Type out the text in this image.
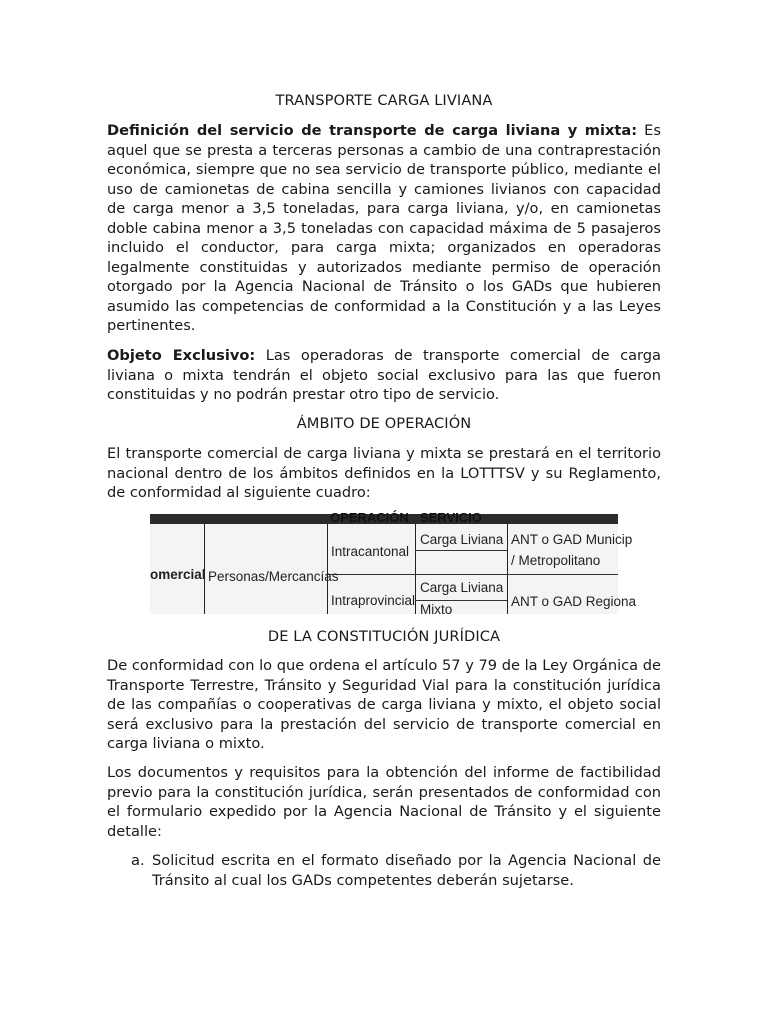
TRANSPORTE CARGA LIVIANA

Definición del servicio de transporte de carga liviana y mixta: Es aquel que se presta a terceras personas a cambio de una contraprestación económica, siempre que no sea servicio de transporte público, mediante el uso de camionetas de cabina sencilla y camiones livianos con capacidad de carga menor a 3,5 toneladas, para carga liviana, y/o, en camionetas doble cabina menor a 3,5 toneladas con capacidad máxima de 5 pasajeros incluido el conductor, para carga mixta; organizados en operadoras legalmente constituidas y autorizados mediante permiso de operación otorgado por la Agencia Nacional de Tránsito o los GADs que hubieren asumido las competencias de conformidad a la Constitución y a las Leyes pertinentes.

Objeto Exclusivo: Las operadoras de transporte comercial de carga liviana o mixta tendrán el objeto social exclusivo para las que fueron constituidas y no podrán prestar otro tipo de servicio.

ÁMBITO DE OPERACIÓN

El transporte comercial de carga liviana y mixta se prestará en el territorio nacional dentro de los ámbitos definidos en la LOTTTSV y su Reglamento, de conformidad al siguiente cuadro:

OPERACIÓN SERVICIO
omercial Personas/Mercancías
Intracantonal
Intraprovincial
Carga Liviana
Carga Liviana
Mixto
ANT o GAD Municip
/ Metropolitano
ANT o GAD Regiona

DE LA CONSTITUCIÓN JURÍDICA

De conformidad con lo que ordena el artículo 57 y 79 de la Ley Orgánica de Transporte Terrestre, Tránsito y Seguridad Vial para la constitución jurídica de las compañías o cooperativas de carga liviana y mixto, el objeto social será exclusivo para la prestación del servicio de transporte comercial en carga liviana o mixto.

Los documentos y requisitos para la obtención del informe de factibilidad previo para la constitución jurídica, serán presentados de conformidad con el formulario expedido por la Agencia Nacional de Tránsito y el siguiente detalle:

a. Solicitud escrita en el formato diseñado por la Agencia Nacional de Tránsito al cual los GADs competentes deberán sujetarse.
